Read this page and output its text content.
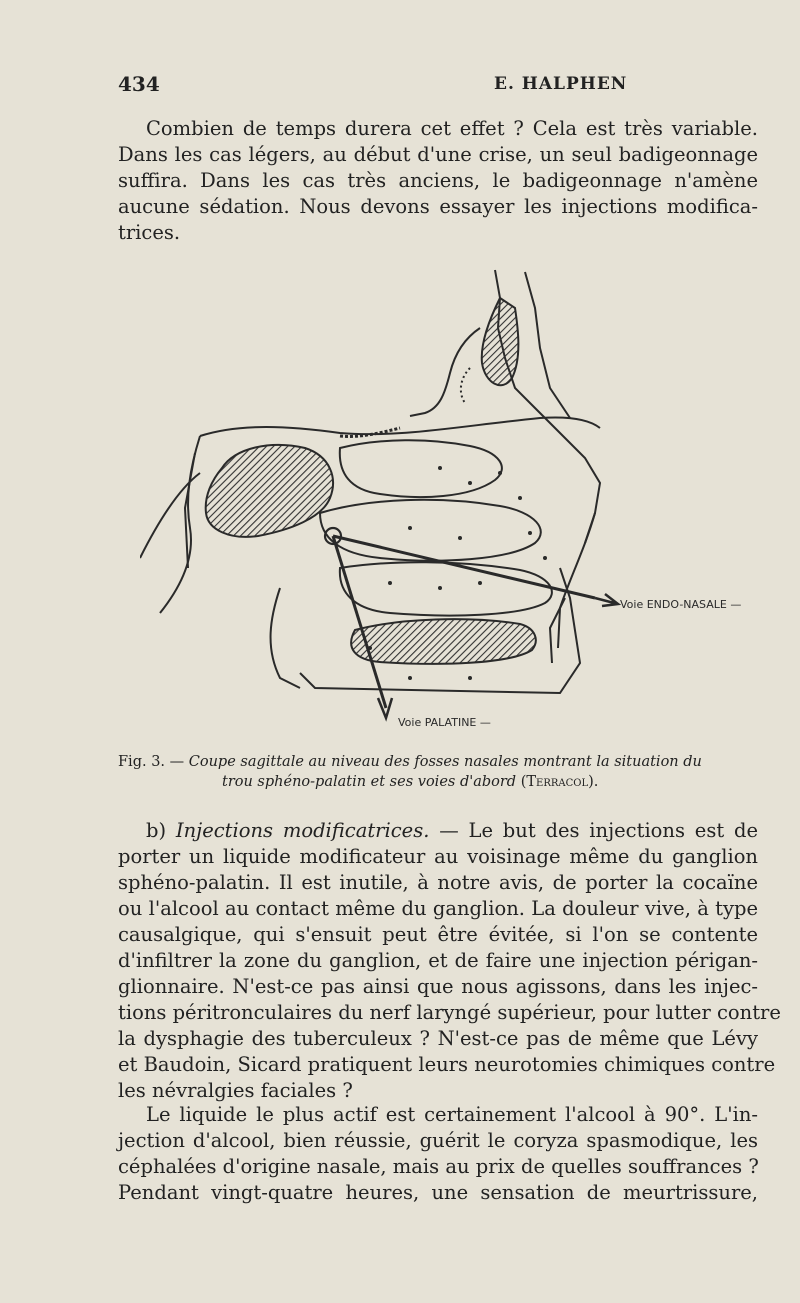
434	E. HALPHEN
Combien de temps durera cet effet ? Cela est très variable.
Dans les cas légers, au début d'une crise, un seul badigeonnage
suffira. Dans les cas très anciens, le badigeonnage n'amène
aucune sédation. Nous devons essayer les injections modifica-
trices.
Voie ENDO-NASALE —
Voie PALATINE —
Fig. 3. — Coupe sagittale au niveau des fosses nasales montrant la situation du
trou sphéno-palatin et ses voies d'abord (Terracol).
b) Injections modificatrices. — Le but des injections est de
porter un liquide modificateur au voisinage même du ganglion
sphéno-palatin. Il est inutile, à notre avis, de porter la cocaïne
ou l'alcool au contact même du ganglion. La douleur vive, à type
causalgique, qui s'ensuit peut être évitée, si l'on se contente
d'infiltrer la zone du ganglion, et de faire une injection périgan-
glionnaire. N'est-ce pas ainsi que nous agissons, dans les injec-
tions péritronculaires du nerf laryngé supérieur, pour lutter contre
la dysphagie des tuberculeux ? N'est-ce pas de même que Lévy
et Baudoin, Sicard pratiquent leurs neurotomies chimiques contre
les névralgies faciales ?
Le liquide le plus actif est certainement l'alcool à 90°. L'in-
jection d'alcool, bien réussie, guérit le coryza spasmodique, les
céphalées d'origine nasale, mais au prix de quelles souffrances ?
Pendant vingt-quatre heures, une sensation de meurtrissure,
